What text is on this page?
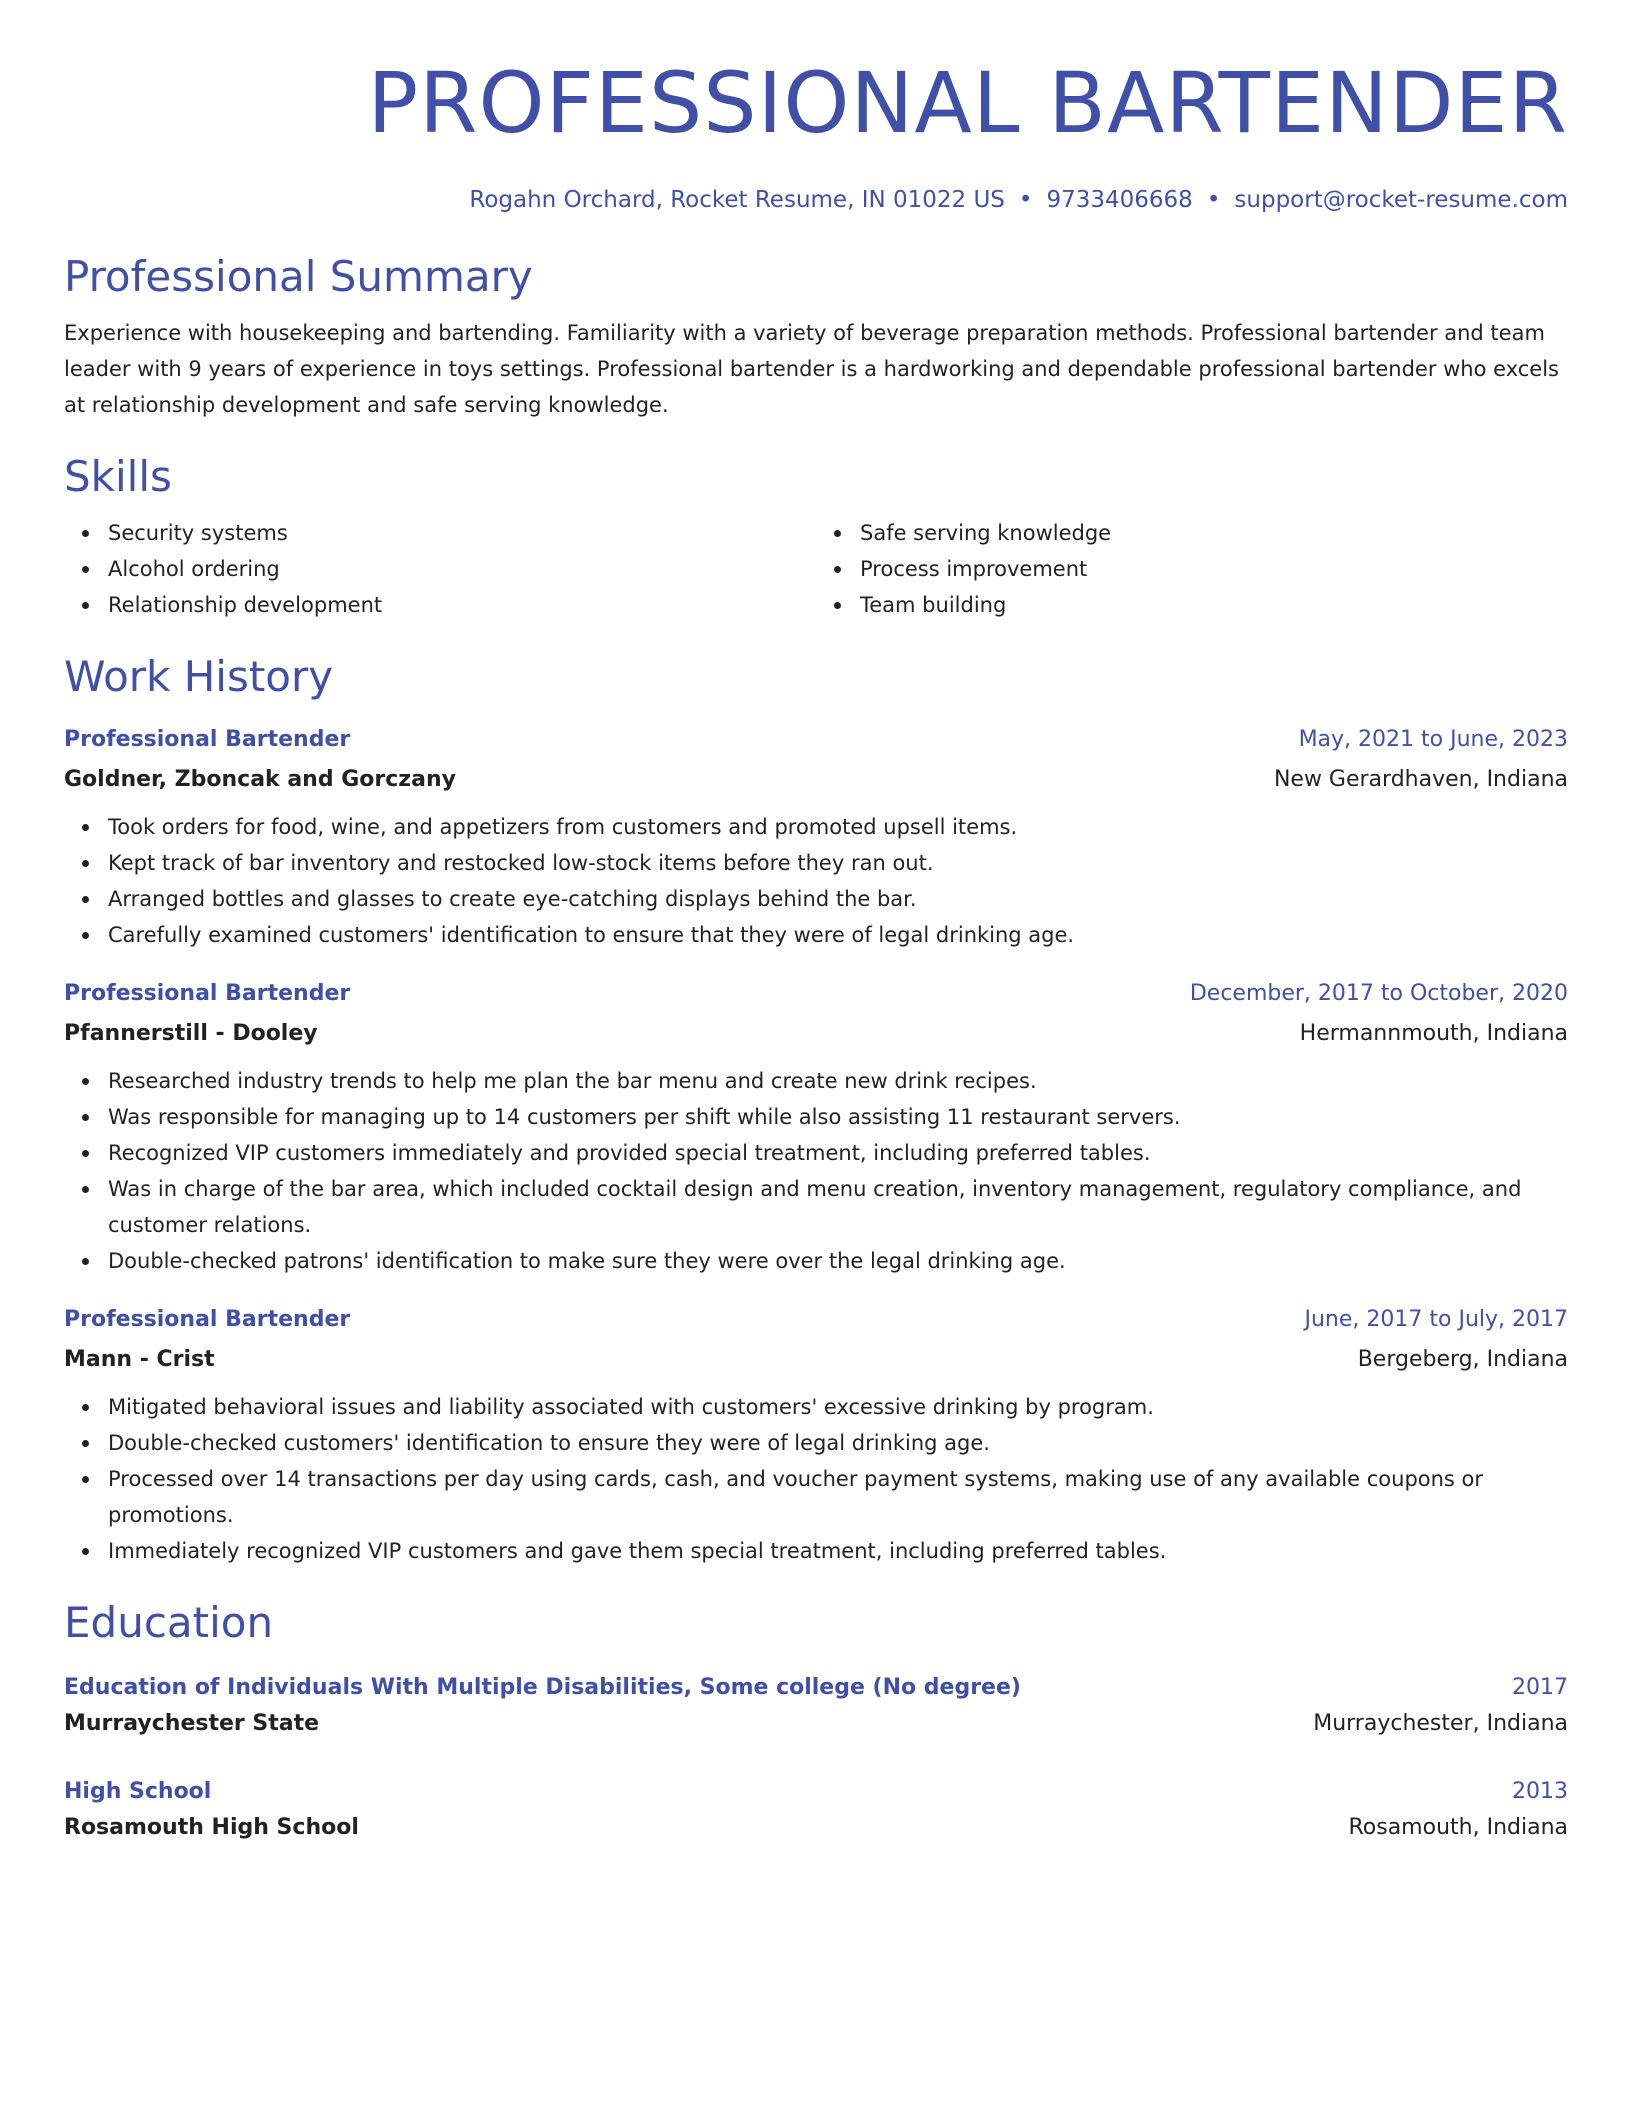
PROFESSIONAL BARTENDER
Rogahn Orchard, Rocket Resume, IN 01022 US • 9733406668 • support@rocket-resume.com
Professional Summary
Experience with housekeeping and bartending. Familiarity with a variety of beverage preparation methods. Professional bartender and team leader with 9 years of experience in toys settings. Professional bartender is a hardworking and dependable professional bartender who excels at relationship development and safe serving knowledge.
Skills
Security systems
Alcohol ordering
Relationship development
Safe serving knowledge
Process improvement
Team building
Work History
Professional Bartender	May, 2021 to June, 2023
Goldner, Zboncak and Gorczany	New Gerardhaven, Indiana
Took orders for food, wine, and appetizers from customers and promoted upsell items.
Kept track of bar inventory and restocked low-stock items before they ran out.
Arranged bottles and glasses to create eye-catching displays behind the bar.
Carefully examined customers' identification to ensure that they were of legal drinking age.
Professional Bartender	December, 2017 to October, 2020
Pfannerstill - Dooley	Hermannmouth, Indiana
Researched industry trends to help me plan the bar menu and create new drink recipes.
Was responsible for managing up to 14 customers per shift while also assisting 11 restaurant servers.
Recognized VIP customers immediately and provided special treatment, including preferred tables.
Was in charge of the bar area, which included cocktail design and menu creation, inventory management, regulatory compliance, and customer relations.
Double-checked patrons' identification to make sure they were over the legal drinking age.
Professional Bartender	June, 2017 to July, 2017
Mann - Crist	Bergeberg, Indiana
Mitigated behavioral issues and liability associated with customers' excessive drinking by program.
Double-checked customers' identification to ensure they were of legal drinking age.
Processed over 14 transactions per day using cards, cash, and voucher payment systems, making use of any available coupons or promotions.
Immediately recognized VIP customers and gave them special treatment, including preferred tables.
Education
Education of Individuals With Multiple Disabilities, Some college (No degree)	2017
Murraychester State	Murraychester, Indiana
High School	2013
Rosamouth High School	Rosamouth, Indiana
